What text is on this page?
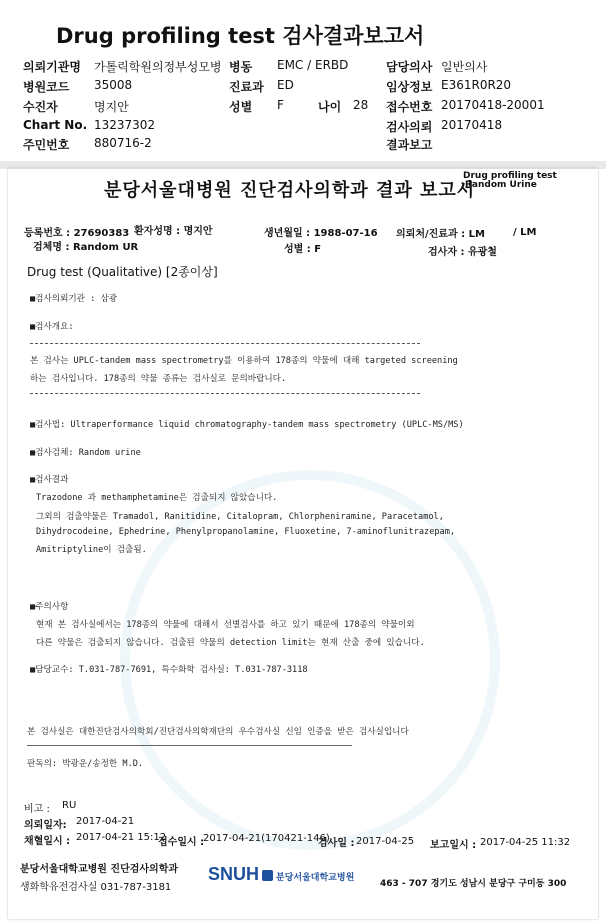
Drug profiling test 검사결과보고서
의뢰기관명 가톨릭학원의정부성모병 병동 EMC / ERBD	담당의사 일반의사
병원코드 35008	진료과 ED	임상정보 E361R0R20
수진자	명지안	성별 F	나이 28 접수번호 20170418-20001
Chart No. 13237302	검사의뢰 20170418
주민번호 880716-2	결과보고
분당서울대병원 진단검사의학과 결과 보고서
Drug profiling test
Random Urine
등록번호 : 27690383 환자성명 : 명지안	생년월일 : 1988-07-16 의뢰처/진료과 : LM	/ LM
검체명 : Random UR	성별 : F	검사자 : 유광철
Drug test (Qualitative) [2종이상]
■검사의뢰기관 : 삼광
■검사개요:
본 검사는 UPLC-tandem mass spectrometry를 이용하여 178종의 약물에 대해 targeted screening
하는 검사입니다. 178종의 약물 종류는 검사실로 문의바랍니다.
■검사법: Ultraperformance liquid chromatography-tandem mass spectrometry (UPLC-MS/MS)
■검사검체: Random urine
■검사결과
Trazodone 과 methamphetamine은 검출되지 않았습니다.
그외의 검출약물은 Tramadol, Ranitidine, Citalopram, Chlorpheniramine, Paracetamol,
Dihydrocodeine, Ephedrine, Phenylpropanolamine, Fluoxetine, 7-aminoflunitrazepam,
Amitriptyline이 검출됨.
■주의사항
현재 본 검사실에서는 178종의 약물에 대해서 선별검사를 하고 있기 때문에 178종의 약물이외
다른 약물은 검출되지 않습니다. 검출된 약물의 detection limit는 현재 산출 중에 있습니다.
■담당교수: T.031-787-7691, 특수화학 검사실: T.031-787-3118
본 검사실은 대한진단검사의학회/진단검사의학재단의 우수검사실 신임 인증을 받은 검사실입니다
판독의: 박광운/송정한 M.D.
비고 : RU
의뢰일자: 2017-04-21
채혈일시 : 2017-04-21 15:12
접수일시 :
2017-04-21(170421-146)
검사일 : 2017-04-25 보고일시 : 2017-04-25 11:32
분당서울대학교병원 진단검사의학과
생화학유전검사실 031-787-3181
SNUH 분당서울대학교병원
463 - 707 경기도 성남시 분당구 구미동 300
